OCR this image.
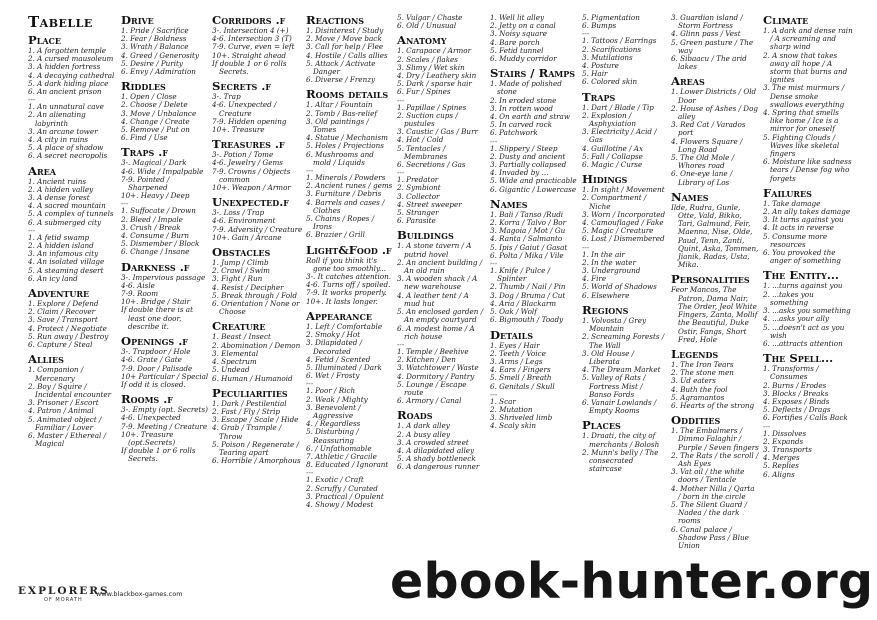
Tabelle
Place
1. A forgotten temple
2. A cursed mausoleum
3. A hidden fortress
4. A decaying cathedral
5. A dark hiding place
6. An ancient prison
---
1. An unnatural cave
2. An alienating labyrinth
3. An arcane tower
4. A city in ruins
5. A place of shadow
6. A secret necropolis
Area
1. Ancient ruins
2. A hidden valley
3. A dense forest
4. A sacred mountain
5. A complex of tunnels
6. A submerged city
---
1. A fetid swamp
2. A hidden island
3. An infamous city
4. An isolated village
5. A steaming desert
6. An icy land
Adventure
1. Explore / Defend
2. Claim / Recover
3. Save / Transport
4. Protect / Negotiate
5. Run away / Destroy
6. Capture / Steal
Allies
1. Companion / Mercenary
2. Boy / Squire / Incidental encounter
3. Prisoner / Escort
4. Patron / Animal
5. Animated object / Familiar / Lover
6. Master / Ethereal / Magical
Drive
1. Pride / Sacrifice
2. Fear / Boldness
3. Wrath / Balance
4. Greed / Generosity
5. Desire / Purity
6. Envy / Admiration
Riddles
1. Open / Close
2. Choose / Delete
3. Move / Unbalance
4. Change / Create
5. Remove / Put on
6. Find / Use
Traps .f
3-. Magical / Dark
4-6. Wide / Impalpable
7-9. Pointed / Sharpened
10+. Heavy / Deep
---
1. Suffocate / Drown
2. Bleed / Impale
3. Crush / Break
4. Consume / Burn
5. Dismember / Block
6. Change / Insane
Darkness .f
3-. Impervious passage
4-6. Aisle
7-9. Room
10+. Bridge / Stair
If double there is at least one door, describe it.
Openings .f
3-. Trapdoor / Hole
4-6. Grate / Gate
7-9. Door / Palisade
10+ Particular / Special
If odd it is closed.
Rooms .f
3-. Empty (opt. Secrets)
4-6. Unexpected
7-9. Meeting / Creature
10+. Treasure (opt.Secrets)
If double 1 or 6 rolls Secrets.
Corridors .f
3-. Intersection 4 (+)
4-6. Intersection 3 (T)
7-9. Curve, even = left
10+. Straight ahead
If double 1 or 6 rolls Secrets.
Secrets .f
3-. Trap
4-6. Unexpected / Creature
7-9. Hidden opening
10+. Treasure
Treasures .f
3-. Potion / Tome
4-6. Jewelry / Gems
7-9. Crowns / Objects common
10+. Weapon / Armor
Unexpected.f
3-. Loss / Trap
4-6. Environment
7-9. Adversity / Creature
10+. Gain / Arcane
Obstacles
1. Jump / Climb
2. Crawl / Swim
3. Fight / Run
4. Resist / Decipher
5. Break through / Fold
6. Orientation / None or Choose
Creature
1. Beast / Insect
2. Abomination / Demon
3. Elemental
4. Spectrum
5. Undead
6. Human / Humanoid
Peculiarities
1. Dark / Pestilential
2. Fast / Fly / Strip
3. Escape / Scale / Hide
4. Grab / Trample / Throw
5. Poison / Regenerate / Tearing apart
6. Horrible / Amorphous
Reactions
1. Disinterest / Study
2. Move / Move back
3. Call for help / Flee
4. Hostile / Calls allies
5. Attack / Activate Danger
6. Diverse / Frenzy
Rooms details
1. Altar / Fountain
2. Tomb / Bas-relief
3. Old paintings / Tomes
4. Statue / Mechanism
5. Holes / Projections
6. Mushrooms and mold / Liquids
---
1. Minerals / Powders
2. Ancient runes / gems
3. Furniture / Debris
4. Barrels and cases / Clothes
5. Chains / Ropes / Irons
6. Brazier / Grill
Light&Food .f
Roll if you think it's gone too smoothly...
3-. It catches attention.
4-6. Turns off / spoiled.
7-9. It works properly.
10+. It lasts longer.
Appearance
1. Left / Comfortable
2. Smoky / Hot
3. Dilapidated / Decorated
4. Fetid / Scented
5. Illuminated / Dark
6. Wet / Frosty
---
1. Poor / Rich
2. Weak / Mighty
3. Benevolent / Aggressive
4. / Regardless
5. Disturbing / Reassuring
6. / Unfathomable
7. Athletic / Gracile
8. Educated / Ignorant
---
1. Exotic / Craft
2. Scruffy / Curated
3. Practical / Opulent
4. Showy / Modest
5. Vulgar / Chaste
6. Old / Unusual
Anatomy
1. Carapace / Armor
2. Scales / flakes
3. Slimy / Wet skin
4. Dry / Leathery skin
5. Dark / sparse hair
6. Fur / Spines
---
1. Papillae / Spines
2. Suction cups / pustules
3. Caustic / Gas / Burr
4. Hot / Cold
5. Tentacles / Membranes
6. Secretions / Gas
---
1. Predator
2. Symbiont
3. Collector
4. Street sweeper
5. Stranger
6. Parasite
Buildings
1. A stone tavern / A putrid hovel
2. An ancient building / An old ruin
3. A wooden shack / A new warehouse
4. A leather tent / A mud hut
5. An enclosed garden / An empty courtyard
6. A modest home / A rich house
---
1. Temple / Beehive
2. Kitchen / Den
3. Watchtower / Waste
4. Dormitory / Pantry
5. Lounge / Escape route
6. Armory / Canal
Roads
1. A dark alley
2. A busy alley
3. A crowded street
4. A dilapidated alley
5. A shady bottleneck
6. A dangerous runner
1. Well lit alley
2. Jetty on a canal
3. Noisy square
4. Bare porch
5. Fetid tunnel
6. Muddy corridor
Stairs / Ramps
1. Made of polished stone
2. In eroded stone
3. In rotten wood
4. On earth and straw
5. In carved rock
6. Patchwork
---
1. Slippery / Steep
2. Dusty and ancient
3. Partially collapsed
4. Invaded by ...
5. Wide and practicable
6. Gigantic / Lowercase
Names
1. Bali / Tanso /Rudi
2. Korra / Talvo / Bor
3. Magoia / Mot / Gu
4. Ranta / Salmanto
5. Ipis / Gaiut / Gasat
6. Polta / Mika / Vile
---
1. Knife / Pulce / Splinter
2. Thumb / Nail / Pin
3. Dog / Bruma / Cut
4. Aria / Blackarm
5. Oak / Wolf
6. Bigmouth / Toady
Details
1. Eyes / Hair
2. Teeth / Voice
3. Arms / Legs
4. Ears / Fingers
5. Smell / Breath
6. Genitals / Skull
---
1. Scar
2. Mutation
3. Shriveled limb
4. Scaly skin
5. Pigmentation
6. Bumps
---
1. Tattoos / Earrings
2. Scarifications
3. Mutilations
4. Posture
5. Hair
6. Colored skin
Traps
1. Dart / Blade / Tip
2. Explosion / Asphyxiation
3. Electricity / Acid / Gas
4. Guillotine / Ax
5. Fall / Collapse
6. Magic / Curse
Hidings
1. In sight / Movement
2. Compartment / Niche
3. Worn / Incorporated
4. Camouflaged / Fake
5. Magic / Creature
6. Lost / Dismembered
---
1. In the air
2. In the water
3. Underground
4. Fire
5. World of Shadows
6. Elsewhere
Regions
1. Volvosta / Grey Mountain
2. Screaming Forests / The Wall
3. Old House / Liberata
4. The Dream Market
5. Valley of Rats / Fortress Mist / Banso Fords
6. Vanair Lowlands / Empty Rooms
Places
1. Draati, the city of merchants / Bolosh
2. Munn's belly / The consecrated staircase
3. Guardian island / Storm Fortress
4. Glinn pass / Vest
5. Green pasture / The way
6. Sibaacu / The arid lakes
Areas
1. Lower Districts / Old Door
2. House of Ashes / Dog alley
3. Red Cat / Varados port
4. Flowers Square / Long Road
5. The Old Mole / Whores road
6. One-eye lane / Library of Los
Names
Ilde, Rudra, Gunle, Otte, Vald, Bikko, Tari, Galmund, Feir, Maenna, Nise, Olde, Paud, Tenn, Zanti, Quint, Aska, Tommen, Jianik, Radas, Usta, Mika.
Personalities
Feor Mancos, The Patron, Dama Nair, The Order, Jeol White Fingers, Zanta, Mollif the Beautiful, Duke Ostir, Fangs, Short Fred, Hole
Legends
1. The Iron Tears
2. The stone men
3. Ud eaters
4. Buth the fool
5. Agramantos
6. Hearts of the strong
Oddities
1. The Embalmers / Dimmo Falaghir / Purple / Seven fingers
2. The Rats / the scroll / Ash Eyes
3. Vat oil / the white doors / Tentacle
4. Mother Nilla / Qarta / born in the circle
5. The Silent Guard / Nadea / the dark rooms
6. Canal palace / Shadow Pass / Blue Union
Climate
1. A dark and dense rain / A screaming and sharp wind
2. A snow that takes away all hope / A storm that burns and ignites
3. The mist murmurs / Dense smoke swallows everything
4. Spring that smells like home / Ice is a mirror for oneself
5. Fighting Clouds / Waves like skeletal fingers
6. Moisture like sadness tears / Dense fog who forgets
Failures
1. Take damage
2. An ally takes damage
3. It turns against you
4. It acts in reverse
5. Consume more resources
6. You provoked the anger of something
The Entity...
1. ...turns against you
2. ...takes you something
3. ...asks you something
4. ...asks your ally
5. ...doesn't act as you wish
6. ...attracts attention
The Spell...
1. Transforms / Consumes
2. Burns / Erodes
3. Blocks / Breaks
4. Exposes / Binds
5. Deflects / Drags
6. Fortifies / Calls Back
---
1. Dissolves
2. Expands
3. Transports
4. Merges
5. Replies
6. Aligns
EXPLORERS
OF MORATH
www.blackbox-games.com	ebook-hunter.org
